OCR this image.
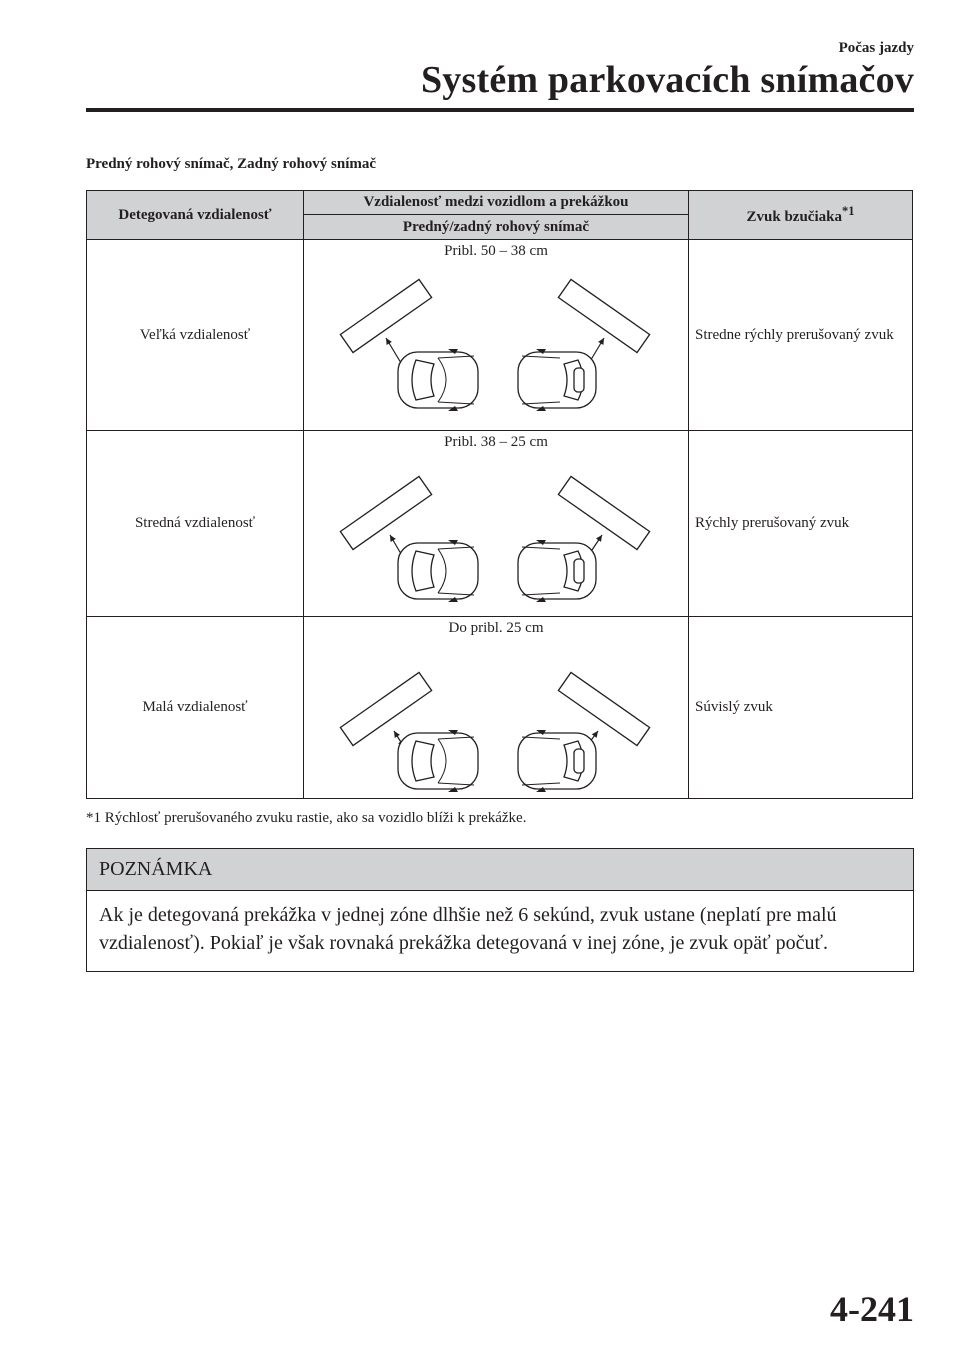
Počas jazdy
Systém parkovacích snímačov
Predný rohový snímač, Zadný rohový snímač
Detegovaná vzdialenosť	Vzdialenosť medzi vozidlom a prekážkou	Zvuk bzučiaka$^{*1}$
	Predný/zadný rohový snímač	
Veľká vzdialenosť	Pribl. 50 – 38 cm	Stredne rýchly prerušovaný zvuk
Stredná vzdialenosť	Pribl. 38 – 25 cm	Rýchly prerušovaný zvuk
Malá vzdialenosť	Do pribl. 25 cm	Súvislý zvuk
*1 Rýchlosť prerušovaného zvuku rastie, ako sa vozidlo blíži k prekážke.
POZNÁMKA
Ak je detegovaná prekážka v jednej zóne dlhšie než 6 sekúnd, zvuk ustane (neplatí pre malú vzdialenosť). Pokiaľ je však rovnaká prekážka detegovaná v inej zóne, je zvuk opäť počuť.
4-241
